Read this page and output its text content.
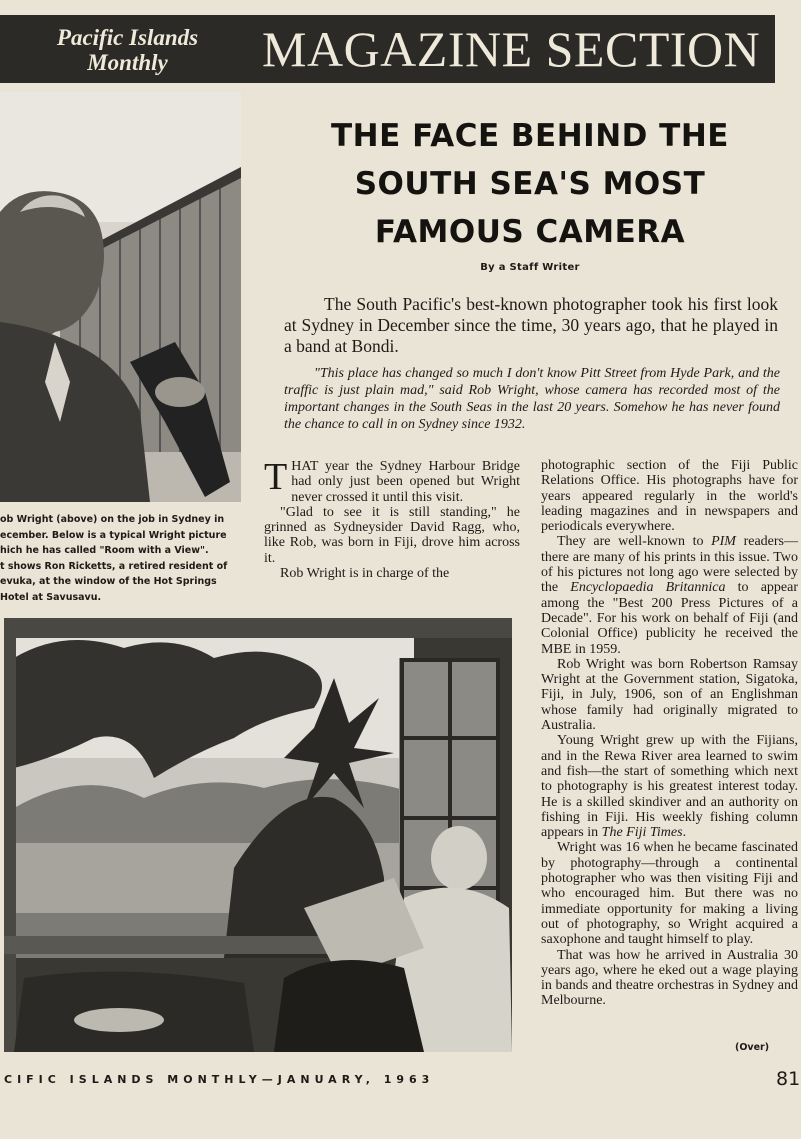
Pacific Islands
Monthly	MAGAZINE SECTION
THE FACE BEHIND THE
SOUTH SEA'S MOST
FAMOUS CAMERA
By a Staff Writer

The South Pacific's best-known photographer took his first look at Sydney in December since the time, 30 years ago, that he played in a band at Bondi.

"This place has changed so much I don't know Pitt Street from Hyde Park, and the traffic is just plain mad," said Rob Wright, whose camera has recorded most of the important changes in the South Seas in the last 20 years. Somehow he has never found the chance to call in on Sydney since 1932.

ob Wright (above) on the job in Sydney in
ecember. Below is a typical Wright picture
hich he has called "Room with a View".
t shows Ron Ricketts, a retired resident of
evuka, at the window of the Hot Springs
Hotel at Savusavu.

THAT year the Sydney Harbour Bridge had only just been opened but Wright never crossed it until this visit.

"Glad to see it is still standing," he grinned as Sydneysider David Ragg, who, like Rob, was born in Fiji, drove him across it.

Rob Wright is in charge of the

photographic section of the Fiji Public Relations Office. His photographs have for years appeared regularly in the world's leading magazines and in newspapers and periodicals everywhere.

They are well-known to PIM readers—there are many of his prints in this issue. Two of his pictures not long ago were selected by the Encyclopaedia Britannica to appear among the "Best 200 Press Pictures of a Decade". For his work on behalf of Fiji (and Colonial Office) publicity he received the MBE in 1959.

Rob Wright was born Robertson Ramsay Wright at the Government station, Sigatoka, Fiji, in July, 1906, son of an Englishman whose family had originally migrated to Australia.

Young Wright grew up with the Fijians, and in the Rewa River area learned to swim and fish—the start of something which next to photography is his greatest interest today. He is a skilled skindiver and an authority on fishing in Fiji. His weekly fishing column appears in The Fiji Times.

Wright was 16 when he became fascinated by photography—through a continental photographer who was then visiting Fiji and who encouraged him. But there was no immediate opportunity for making a living out of photography, so Wright acquired a saxophone and taught himself to play.

That was how he arrived in Australia 30 years ago, where he eked out a wage playing in bands and theatre orchestras in Sydney and Melbourne.

(Over)
CIFIC ISLANDS MONTHLY—JANUARY, 1963	81
